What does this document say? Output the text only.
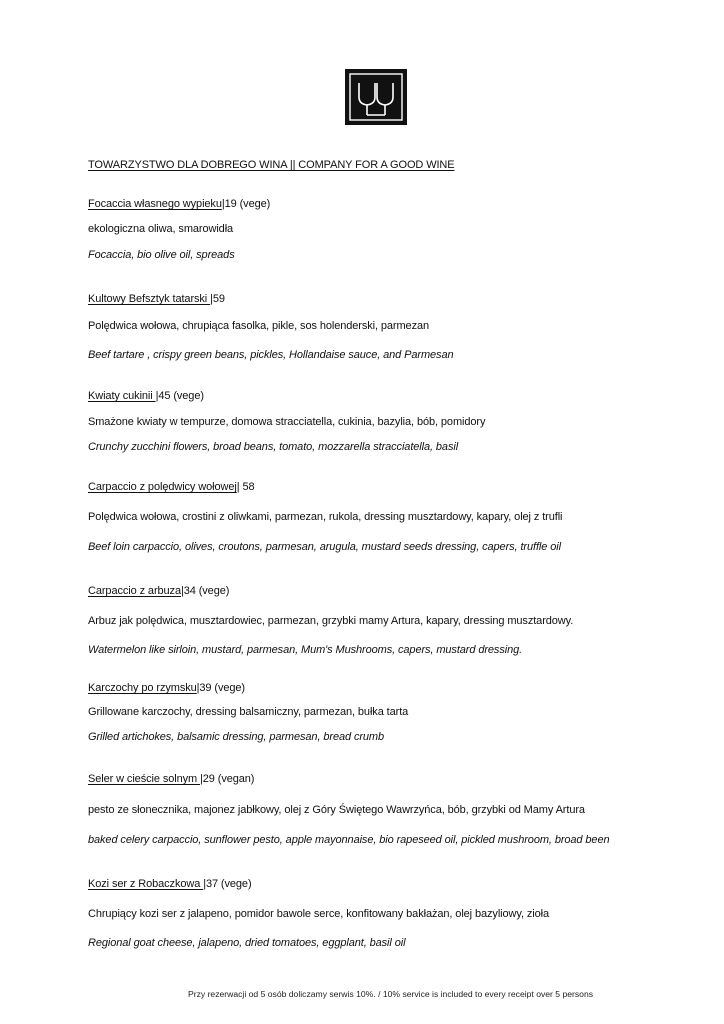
TOWARZYSTWO DLA DOBREGO WINA || COMPANY FOR A GOOD WINE
Focaccia własnego wypieku|19 (vege)
ekologiczna oliwa, smarowidła
Focaccia, bio olive oil, spreads
Kultowy Befsztyk tatarski |59
Polędwica wołowa, chrupiąca fasolka, pikle, sos holenderski, parmezan
Beef tartare , crispy green beans, pickles, Hollandaise sauce, and Parmesan
Kwiaty cukinii |45 (vege)
Smażone kwiaty w tempurze, domowa stracciatella, cukinia, bazylia, bób, pomidory
Crunchy zucchini flowers, broad beans, tomato, mozzarella stracciatella, basil
Carpaccio z polędwicy wołowej| 58
Polędwica wołowa, crostini z oliwkami, parmezan, rukola, dressing musztardowy, kapary, olej z trufli
Beef loin carpaccio, olives, croutons, parmesan, arugula, mustard seeds dressing, capers, truffle oil
Carpaccio z arbuza|34 (vege)
Arbuz jak polędwica, musztardowiec, parmezan, grzybki mamy Artura, kapary, dressing musztardowy.
Watermelon like sirloin, mustard, parmesan, Mum's Mushrooms, capers, mustard dressing.
Karczochy po rzymsku|39 (vege)
Grillowane karczochy, dressing balsamiczny, parmezan, bułka tarta
Grilled artichokes, balsamic dressing, parmesan, bread crumb
Seler w cieście solnym |29 (vegan)
pesto ze słonecznika, majonez jabłkowy, olej z Góry Świętego Wawrzyńca, bób, grzybki od Mamy Artura
baked celery carpaccio, sunflower pesto, apple mayonnaise, bio rapeseed oil, pickled mushroom, broad been
Kozi ser z Robaczkowa |37 (vege)
Chrupiący kozi ser z jalapeno, pomidor bawole serce, konfitowany bakłażan, olej bazyliowy, zioła
Regional goat cheese, jalapeno, dried tomatoes, eggplant, basil oil
Przy rezerwacji od 5 osób doliczamy serwis 10%. / 10% service is included to every receipt over 5 persons
